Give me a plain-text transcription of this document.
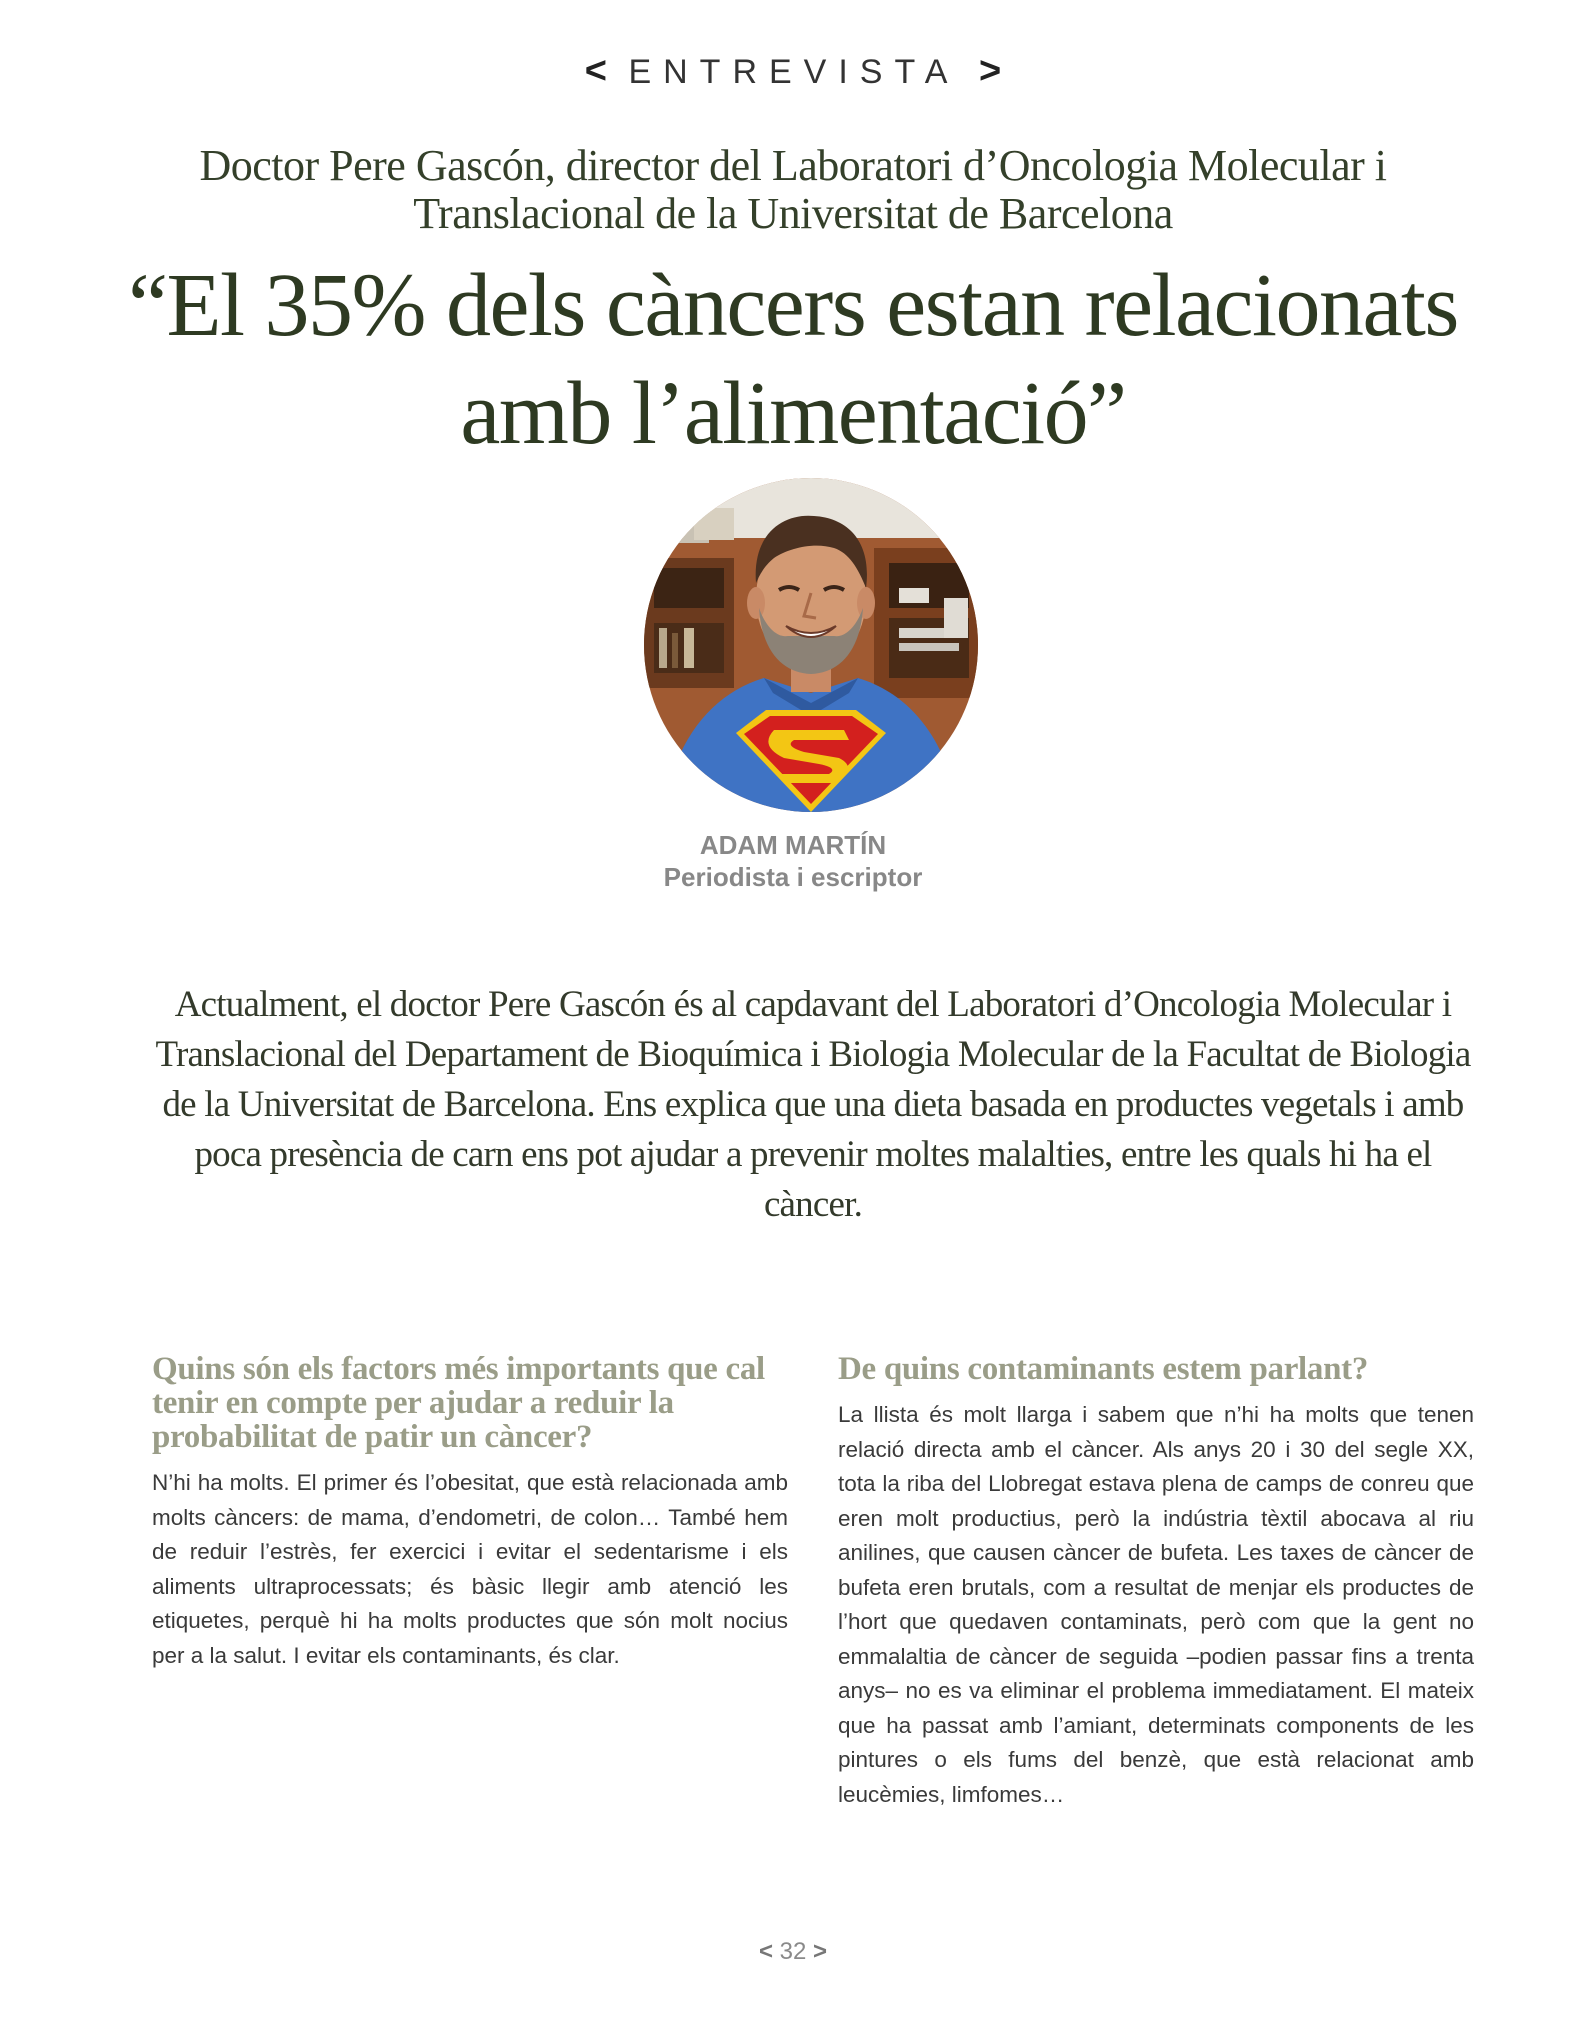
< ENTREVISTA >
Doctor Pere Gascón, director del Laboratori d’Oncologia Molecular i Translacional de la Universitat de Barcelona
“El 35% dels càncers estan relacionats amb l’alimentació”
ADAM MARTÍN
Periodista i escriptor
Actualment, el doctor Pere Gascón és al capdavant del Laboratori d’Oncologia Molecular i Translacional del Departament de Bioquímica i Biologia Molecular de la Facultat de Biologia de la Universitat de Barcelona. Ens explica que una dieta basada en productes vegetals i amb poca presència de carn ens pot ajudar a prevenir moltes malalties, entre les quals hi ha el càncer.
Quins són els factors més importants que cal tenir en compte per ajudar a reduir la probabilitat de patir un càncer?

N’hi ha molts. El primer és l’obesitat, que està relacionada amb molts càncers: de mama, d’endometri, de colon… També hem de reduir l’estrès, fer exercici i evitar el sedentarisme i els aliments ultraprocessats; és bàsic llegir amb atenció les etiquetes, perquè hi ha molts productes que són molt nocius per a la salut. I evitar els contaminants, és clar.

De quins contaminants estem parlant?

La llista és molt llarga i sabem que n’hi ha molts que tenen relació directa amb el càncer. Als anys 20 i 30 del segle XX, tota la riba del Llobregat estava plena de camps de conreu que eren molt productius, però la indústria tèxtil abocava al riu anilines, que causen càncer de bufeta. Les taxes de càncer de bufeta eren brutals, com a resultat de menjar els productes de l’hort que quedaven contaminats, però com que la gent no emmalaltia de càncer de seguida –podien passar fins a trenta anys– no es va eliminar el problema immediatament. El mateix que ha passat amb l’amiant, determinats components de les pintures o els fums del benzè, que està relacionat amb leucèmies, limfomes…

< 32 >
